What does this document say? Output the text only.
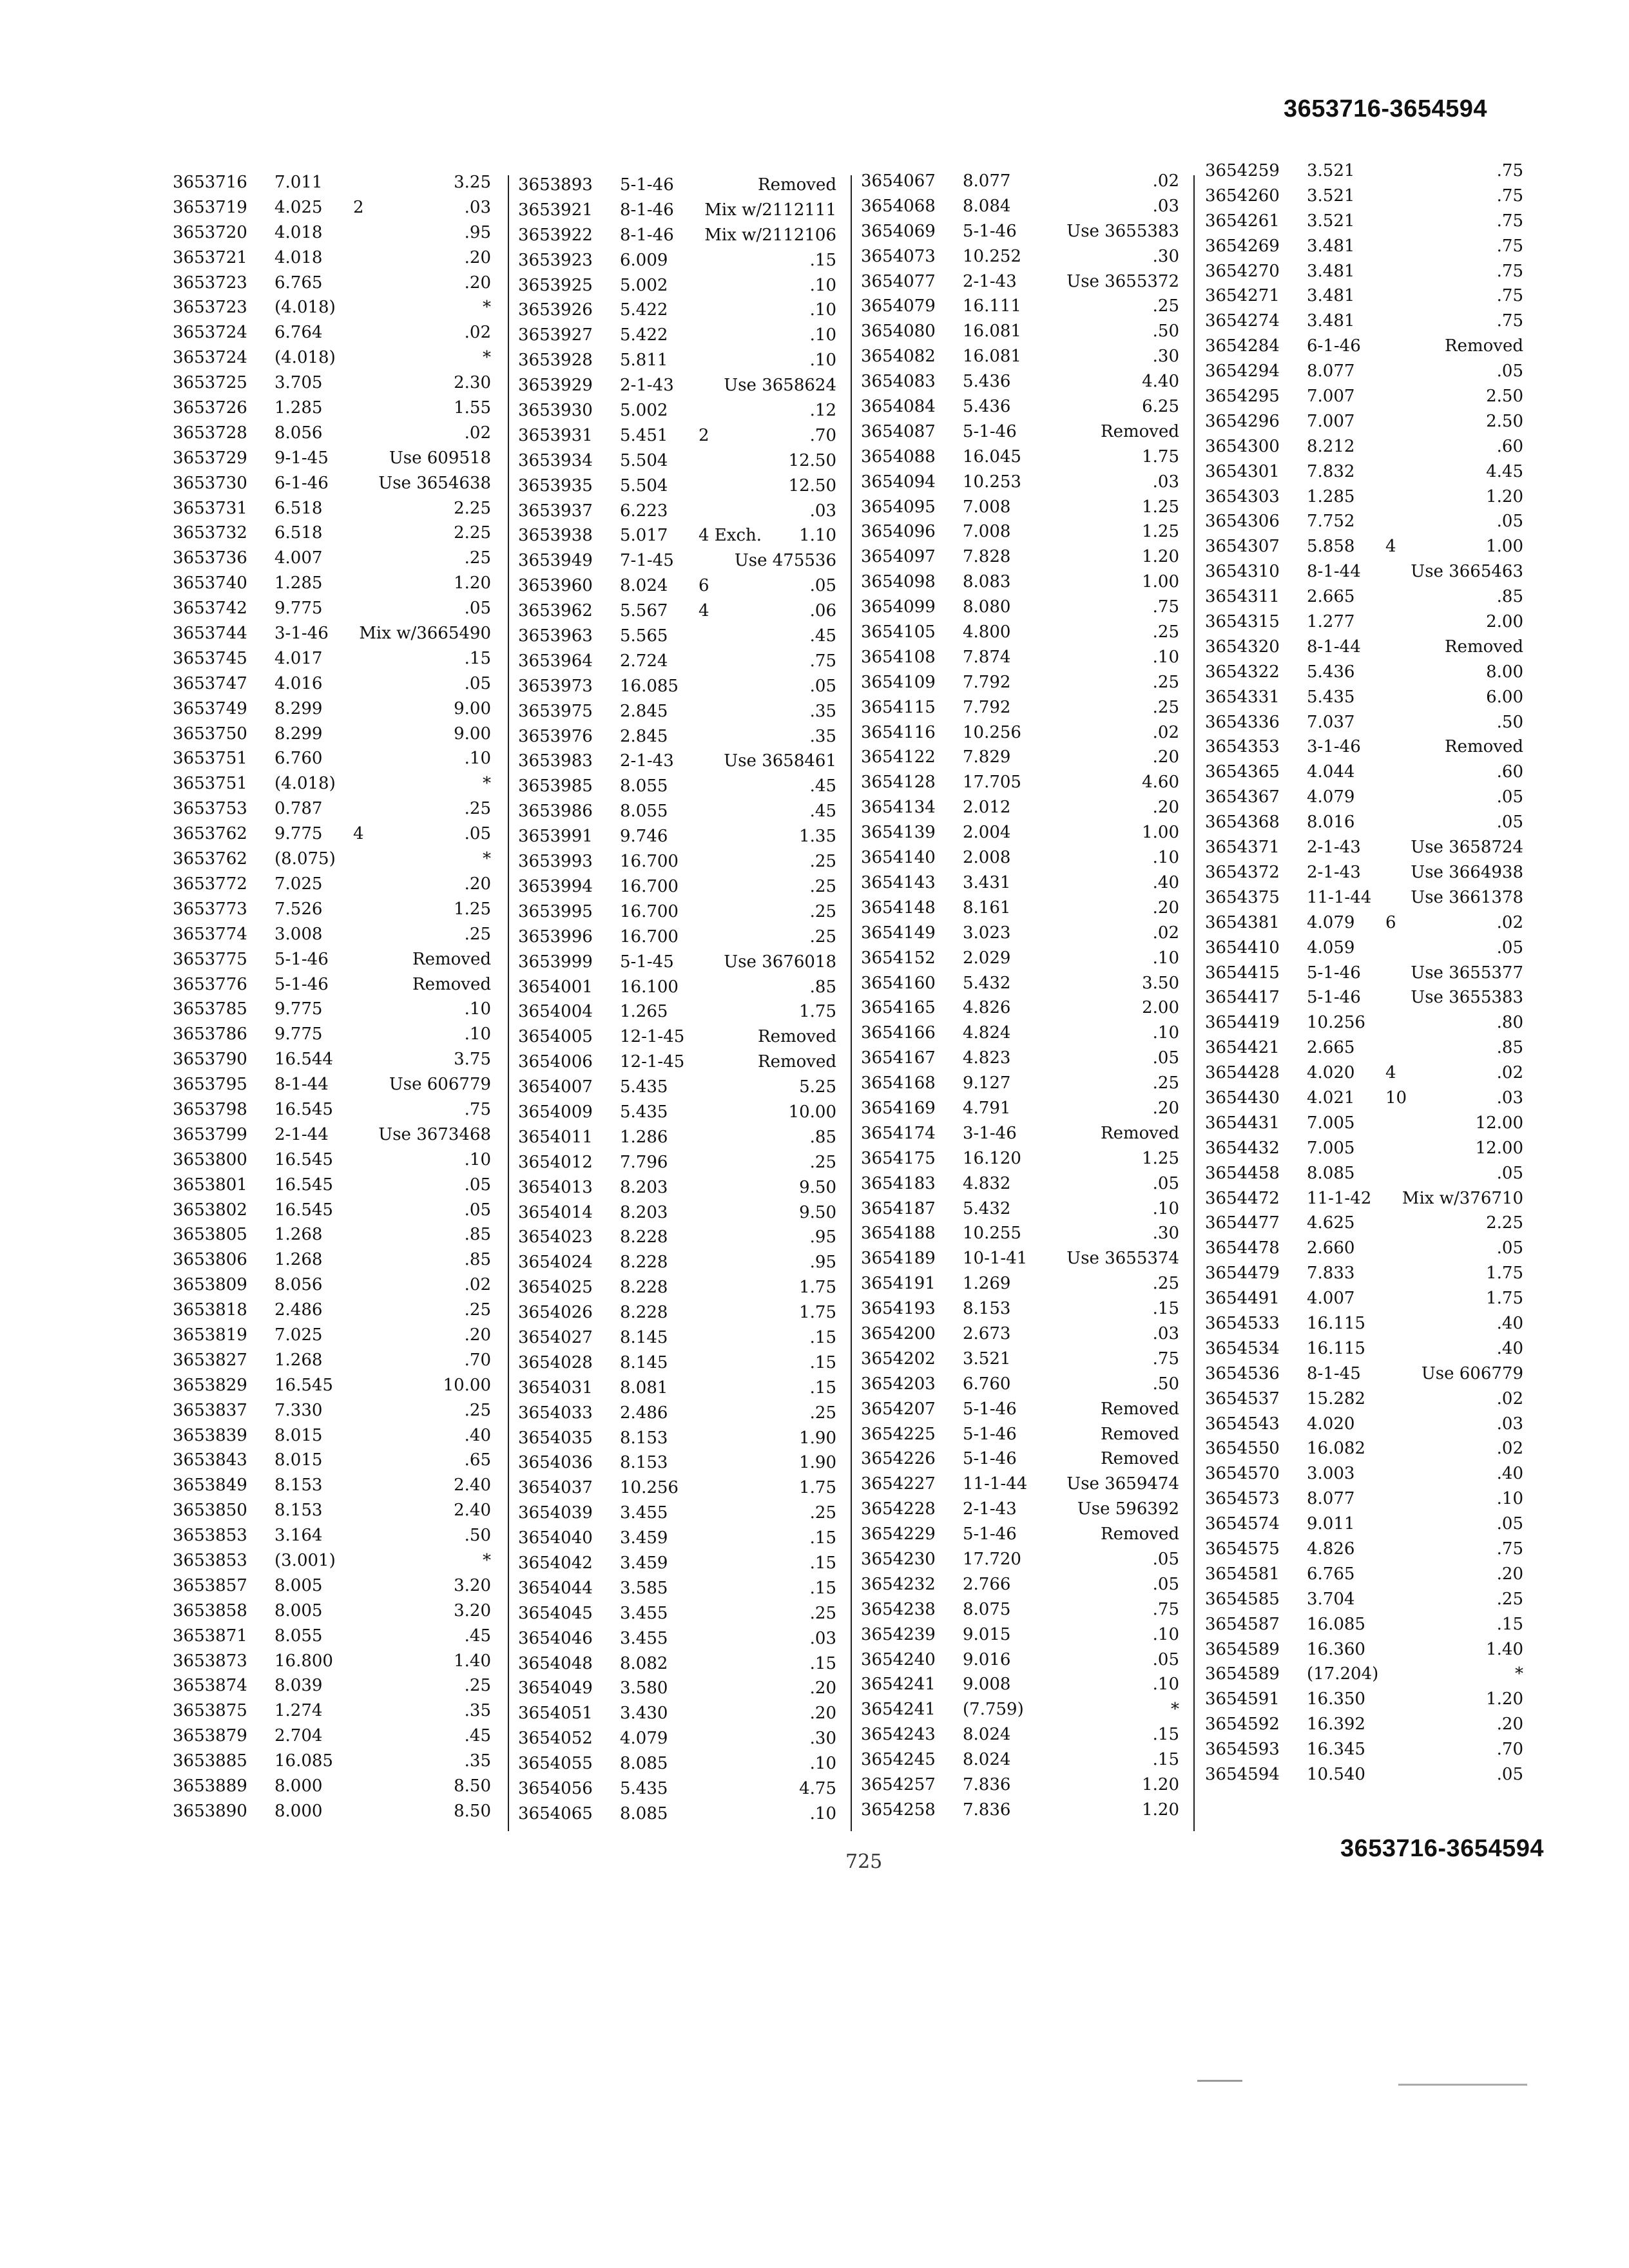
3653716-3654594
3653716 7.011	3.25
3653719 4.025 2	.03
3653720 4.018	.95
3653721 4.018	.20
3653723 6.765	.20
3653723 (4.018)	*
3653724 6.764	.02
3653724 (4.018)	*
3653725 3.705	2.30
3653726 1.285	1.55
3653728 8.056	.02
3653729 9-1-45	Use 609518
3653730 6-1-46	Use 3654638
3653731 6.518	2.25
3653732 6.518	2.25
3653736 4.007	.25
3653740 1.285	1.20
3653742 9.775	.05
3653744 3-1-46 Mix w/3665490
3653745 4.017	.15
3653747 4.016	.05
3653749 8.299	9.00
3653750 8.299	9.00
3653751 6.760	.10
3653751 (4.018)	*
3653753 0.787	.25
3653762 9.775 4	.05
3653762 (8.075)	*
3653772 7.025	.20
3653773 7.526	1.25
3653774 3.008	.25
3653775 5-1-46	Removed
3653776 5-1-46	Removed
3653785 9.775	.10
3653786 9.775	.10
3653790 16.544	3.75
3653795 8-1-44	Use 606779
3653798 16.545	.75
3653799 2-1-44	Use 3673468
3653800 16.545	.10
3653801 16.545	.05
3653802 16.545	.05
3653805 1.268	.85
3653806 1.268	.85
3653809 8.056	.02
3653818 2.486	.25
3653819 7.025	.20
3653827 1.268	.70
3653829 16.545	10.00
3653837 7.330	.25
3653839 8.015	.40
3653843 8.015	.65
3653849 8.153	2.40
3653850 8.153	2.40
3653853 3.164	.50
3653853 (3.001)	*
3653857 8.005	3.20
3653858 8.005	3.20
3653871 8.055	.45
3653873 16.800	1.40
3653874 8.039	.25
3653875 1.274	.35
3653879 2.704	.45
3653885 16.085	.35
3653889 8.000	8.50
3653890 8.000	8.50
3653893 5-1-46	Removed
3653921 8-1-46 Mix w/2112111
3653922 8-1-46 Mix w/2112106
3653923 6.009	.15
3653925 5.002	.10
3653926 5.422	.10
3653927 5.422	.10
3653928 5.811	.10
3653929 2-1-43	Use 3658624
3653930 5.002	.12
3653931 5.451 2	.70
3653934 5.504	12.50
3653935 5.504	12.50
3653937 6.223	.03
3653938 5.017 4 Exch. 1.10
3653949 7-1-45	Use 475536
3653960 8.024 6	.05
3653962 5.567 4	.06
3653963 5.565	.45
3653964 2.724	.75
3653973 16.085	.05
3653975 2.845	.35
3653976 2.845	.35
3653983 2-1-43	Use 3658461
3653985 8.055	.45
3653986 8.055	.45
3653991 9.746	1.35
3653993 16.700	.25
3653994 16.700	.25
3653995 16.700	.25
3653996 16.700	.25
3653999 5-1-45	Use 3676018
3654001 16.100	.85
3654004 1.265	1.75
3654005 12-1-45	Removed
3654006 12-1-45	Removed
3654007 5.435	5.25
3654009 5.435	10.00
3654011 1.286	.85
3654012 7.796	.25
3654013 8.203	9.50
3654014 8.203	9.50
3654023 8.228	.95
3654024 8.228	.95
3654025 8.228	1.75
3654026 8.228	1.75
3654027 8.145	.15
3654028 8.145	.15
3654031 8.081	.15
3654033 2.486	.25
3654035 8.153	1.90
3654036 8.153	1.90
3654037 10.256	1.75
3654039 3.455	.25
3654040 3.459	.15
3654042 3.459	.15
3654044 3.585	.15
3654045 3.455	.25
3654046 3.455	.03
3654048 8.082	.15
3654049 3.580	.20
3654051 3.430	.20
3654052 4.079	.30
3654055 8.085	.10
3654056 5.435	4.75
3654065 8.085	.10
3654067 8.077	.02
3654068 8.084	.03
3654069 5-1-46	Use 3655383
3654073 10.252	.30
3654077 2-1-43	Use 3655372
3654079 16.111	.25
3654080 16.081	.50
3654082 16.081	.30
3654083 5.436	4.40
3654084 5.436	6.25
3654087 5-1-46	Removed
3654088 16.045	1.75
3654094 10.253	.03
3654095 7.008	1.25
3654096 7.008	1.25
3654097 7.828	1.20
3654098 8.083	1.00
3654099 8.080	.75
3654105 4.800	.25
3654108 7.874	.10
3654109 7.792	.25
3654115 7.792	.25
3654116 10.256	.02
3654122 7.829	.20
3654128 17.705	4.60
3654134 2.012	.20
3654139 2.004	1.00
3654140 2.008	.10
3654143 3.431	.40
3654148 8.161	.20
3654149 3.023	.02
3654152 2.029	.10
3654160 5.432	3.50
3654165 4.826	2.00
3654166 4.824	.10
3654167 4.823	.05
3654168 9.127	.25
3654169 4.791	.20
3654174 3-1-46	Removed
3654175 16.120	1.25
3654183 4.832	.05
3654187 5.432	.10
3654188 10.255	.30
3654189 10-1-41 Use 3655374
3654191 1.269	.25
3654193 8.153	.15
3654200 2.673	.03
3654202 3.521	.75
3654203 6.760	.50
3654207 5-1-46	Removed
3654225 5-1-46	Removed
3654226 5-1-46	Removed
3654227 11-1-44 Use 3659474
3654228 2-1-43	Use 596392
3654229 5-1-46	Removed
3654230 17.720	.05
3654232 2.766	.05
3654238 8.075	.75
3654239 9.015	.10
3654240 9.016	.05
3654241 9.008	.10
3654241 (7.759)	*
3654243 8.024	.15
3654245 8.024	.15
3654257 7.836	1.20
3654258 7.836	1.20
3654259 3.521	.75
3654260 3.521	.75
3654261 3.521	.75
3654269 3.481	.75
3654270 3.481	.75
3654271 3.481	.75
3654274 3.481	.75
3654284 6-1-46	Removed
3654294 8.077	.05
3654295 7.007	2.50
3654296 7.007	2.50
3654300 8.212	.60
3654301 7.832	4.45
3654303 1.285	1.20
3654306 7.752	.05
3654307 5.858 4	1.00
3654310 8-1-44	Use 3665463
3654311 2.665	.85
3654315 1.277	2.00
3654320 8-1-44	Removed
3654322 5.436	8.00
3654331 5.435	6.00
3654336 7.037	.50
3654353 3-1-46	Removed
3654365 4.044	.60
3654367 4.079	.05
3654368 8.016	.05
3654371 2-1-43	Use 3658724
3654372 2-1-43	Use 3664938
3654375 11-1-44 Use 3661378
3654381 4.079 6	.02
3654410 4.059	.05
3654415 5-1-46	Use 3655377
3654417 5-1-46	Use 3655383
3654419 10.256	.80
3654421 2.665	.85
3654428 4.020 4	.02
3654430 4.021 10	.03
3654431 7.005	12.00
3654432 7.005	12.00
3654458 8.085	.05
3654472 11-1-42 Mix w/376710
3654477 4.625	2.25
3654478 2.660	.05
3654479 7.833	1.75
3654491 4.007	1.75
3654533 16.115	.40
3654534 16.115	.40
3654536 8-1-45	Use 606779
3654537 15.282	.02
3654543 4.020	.03
3654550 16.082	.02
3654570 3.003	.40
3654573 8.077	.10
3654574 9.011	.05
3654575 4.826	.75
3654581 6.765	.20
3654585 3.704	.25
3654587 16.085	.15
3654589 16.360	1.40
3654589 (17.204)	*
3654591 16.350	1.20
3654592 16.392	.20
3654593 16.345	.70
3654594 10.540	.05
725	3653716-3654594
